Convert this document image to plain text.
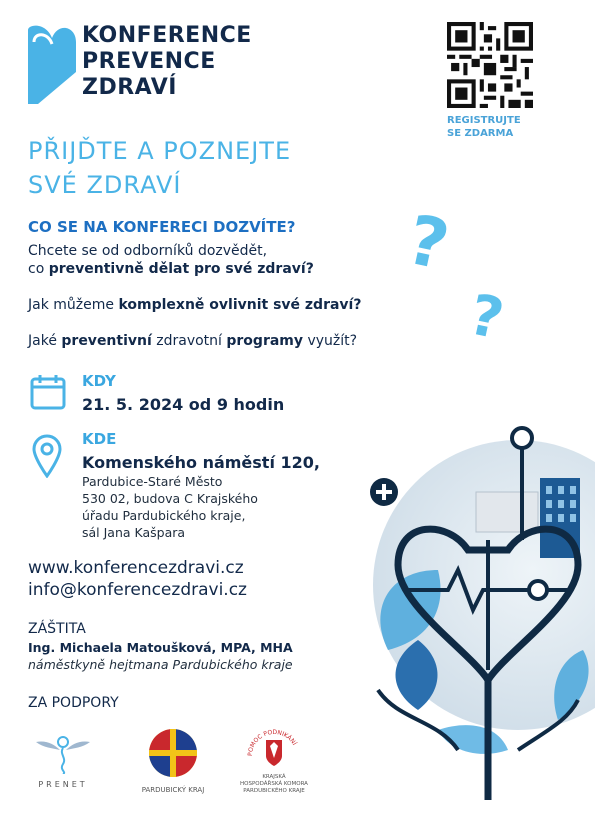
KONFERENCE
PREVENCE
ZDRAVÍ
REGISTRUJTE
SE ZDARMA
PŘIJĎTE A POZNEJTE
SVÉ ZDRAVÍ
CO SE NA KONFERECI DOZVÍTE?
Chcete se od odborníků dozvědět,
co preventivně dělat pro své zdraví?
Jak můžeme komplexně ovlivnit své zdraví?
Jaké preventivní zdravotní programy využít?
?
?
KDY
21. 5. 2024 od 9 hodin
KDE
Komenského náměstí 120,
Pardubice-Staré Město
530 02, budova C Krajského
úřadu Pardubického kraje,
sál Jana Kašpara
www.konferencezdravi.cz
info@konferencezdravi.cz
ZÁŠTITA
Ing. Michaela Matoušková, MPA, MHA
náměstkyně hejtmana Pardubického kraje
ZA PODPORY
PRENET
PARDUBICKÝ KRAJ
POMOC PODNIKÁNÍ
KRAJSKÁ
HOSPODÁŘSKÁ KOMORA
PARDUBICKÉHO KRAJE
